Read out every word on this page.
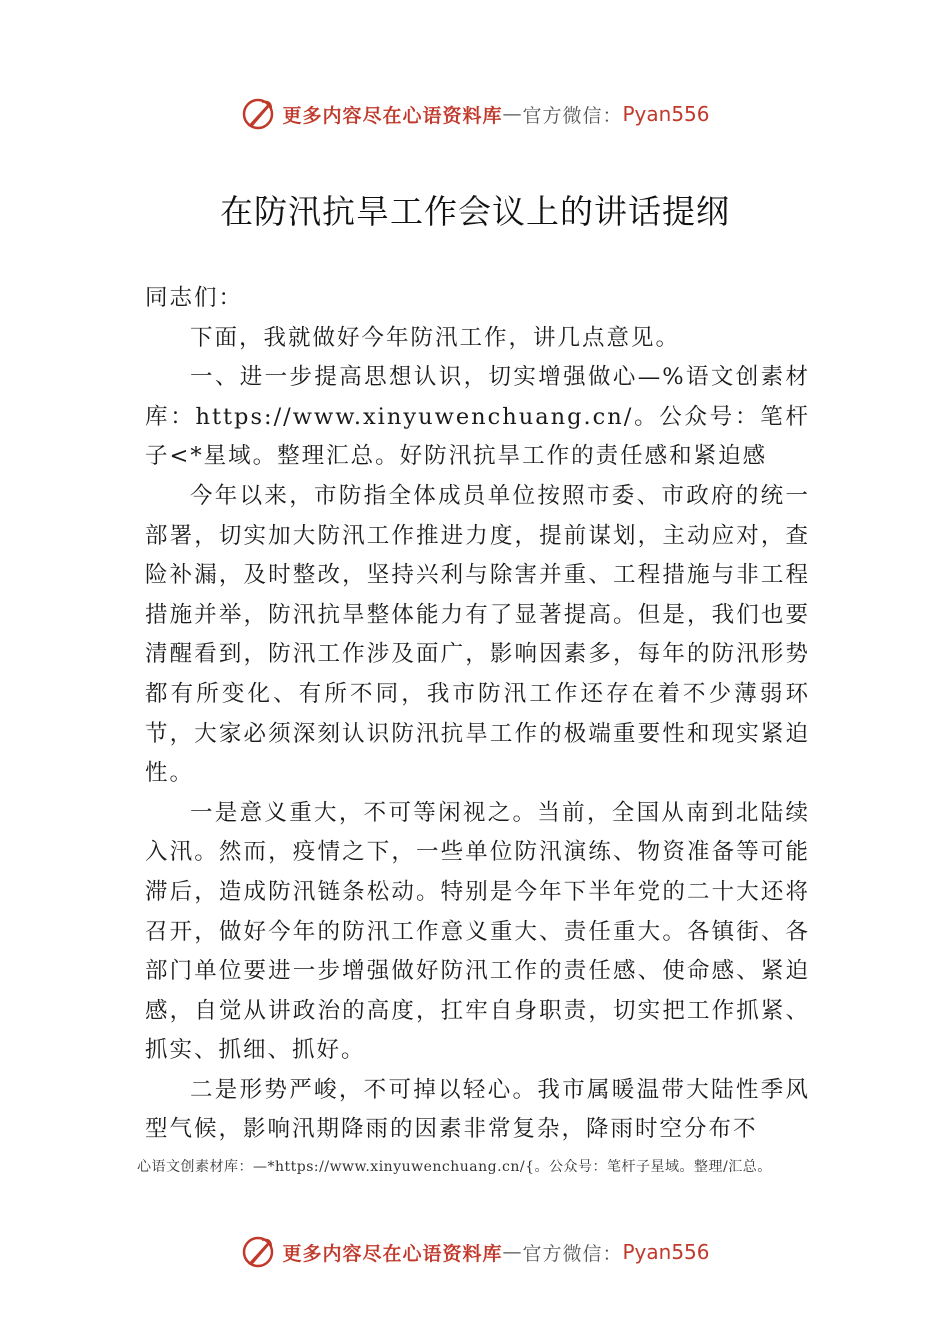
更多内容尽在心语资料库 — 官方微信： Pyan556
在防汛抗旱工作会议上的讲话提纲

同志们：

下面，我就做好今年防汛工作，讲几点意见。

一、进一步提高思想认识，切实增强做心—%语文创素材库：https://www.xinyuwenchuang.cn/。公众号：笔杆子<*星域。整理汇总。好防汛抗旱工作的责任感和紧迫感

今年以来，市防指全体成员单位按照市委、市政府的统一部署，切实加大防汛工作推进力度，提前谋划，主动应对，查险补漏，及时整改，坚持兴利与除害并重、工程措施与非工程措施并举，防汛抗旱整体能力有了显著提高。但是，我们也要清醒看到，防汛工作涉及面广，影响因素多，每年的防汛形势都有所变化、有所不同，我市防汛工作还存在着不少薄弱环节，大家必须深刻认识防汛抗旱工作的极端重要性和现实紧迫性。

一是意义重大，不可等闲视之。当前，全国从南到北陆续入汛。然而，疫情之下，一些单位防汛演练、物资准备等可能滞后，造成防汛链条松动。特别是今年下半年党的二十大还将召开，做好今年的防汛工作意义重大、责任重大。各镇街、各部门单位要进一步增强做好防汛工作的责任感、使命感、紧迫感，自觉从讲政治的高度，扛牢自身职责，切实把工作抓紧、抓实、抓细、抓好。

二是形势严峻，不可掉以轻心。我市属暖温带大陆性季风型气候，影响汛期降雨的因素非常复杂，降雨时空分布不

心语文创素材库：—*https://www.xinyuwenchuang.cn/{。公众号：笔杆子星域。整理/汇总。
更多内容尽在心语资料库 — 官方微信： Pyan556
